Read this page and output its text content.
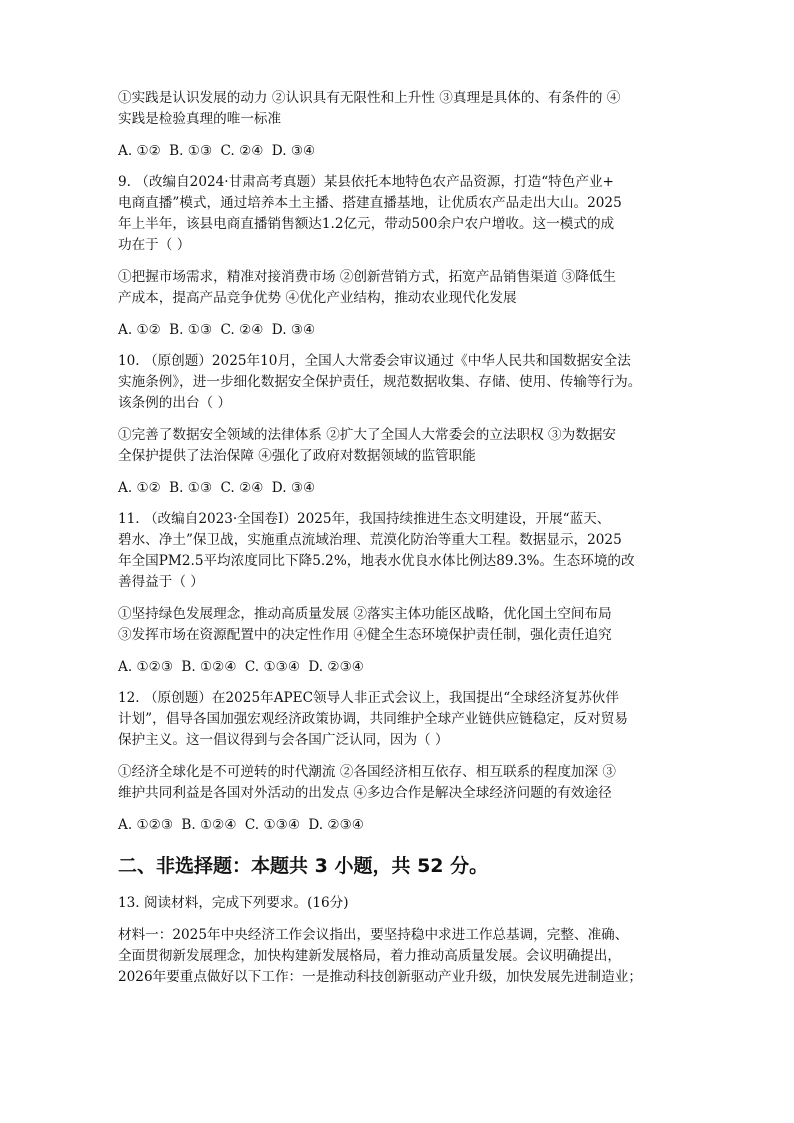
①实践是认识发展的动力 ②认识具有无限性和上升性 ③真理是具体的、有条件的 ④
实践是检验真理的唯一标准

A. ①② B. ①③ C. ②④ D. ③④

9. （改编自2024·甘肃高考真题）某县依托本地特色农产品资源，打造“特色产业+
电商直播”模式，通过培养本土主播、搭建直播基地，让优质农产品走出大山。2025
年上半年，该县电商直播销售额达1.2亿元，带动500余户农户增收。这一模式的成
功在于（ ）

①把握市场需求，精准对接消费市场 ②创新营销方式，拓宽产品销售渠道 ③降低生
产成本，提高产品竞争优势 ④优化产业结构，推动农业现代化发展

A. ①② B. ①③ C. ②④ D. ③④

10. （原创题）2025年10月，全国人大常委会审议通过《中华人民共和国数据安全法
实施条例》，进一步细化数据安全保护责任，规范数据收集、存储、使用、传输等行为。
该条例的出台（ ）

①完善了数据安全领域的法律体系 ②扩大了全国人大常委会的立法职权 ③为数据安
全保护提供了法治保障 ④强化了政府对数据领域的监管职能

A. ①② B. ①③ C. ②④ D. ③④

11. （改编自2023·全国卷Ⅰ）2025年，我国持续推进生态文明建设，开展“蓝天、
碧水、净土”保卫战，实施重点流域治理、荒漠化防治等重大工程。数据显示，2025
年全国PM2.5平均浓度同比下降5.2%，地表水优良水体比例达89.3%。生态环境的改
善得益于（ ）

①坚持绿色发展理念，推动高质量发展 ②落实主体功能区战略，优化国土空间布局
③发挥市场在资源配置中的决定性作用 ④健全生态环境保护责任制，强化责任追究

A. ①②③ B. ①②④ C. ①③④ D. ②③④

12. （原创题）在2025年APEC领导人非正式会议上，我国提出“全球经济复苏伙伴
计划”，倡导各国加强宏观经济政策协调，共同维护全球产业链供应链稳定，反对贸易
保护主义。这一倡议得到与会各国广泛认同，因为（ ）

①经济全球化是不可逆转的时代潮流 ②各国经济相互依存、相互联系的程度加深 ③
维护共同利益是各国对外活动的出发点 ④多边合作是解决全球经济问题的有效途径

A. ①②③ B. ①②④ C. ①③④ D. ②③④

二、非选择题：本题共 3 小题，共 52 分。

13. 阅读材料，完成下列要求。(16分)

材料一：2025年中央经济工作会议指出，要坚持稳中求进工作总基调，完整、准确、
全面贯彻新发展理念，加快构建新发展格局，着力推动高质量发展。会议明确提出，
2026年要重点做好以下工作：一是推动科技创新驱动产业升级，加快发展先进制造业；
